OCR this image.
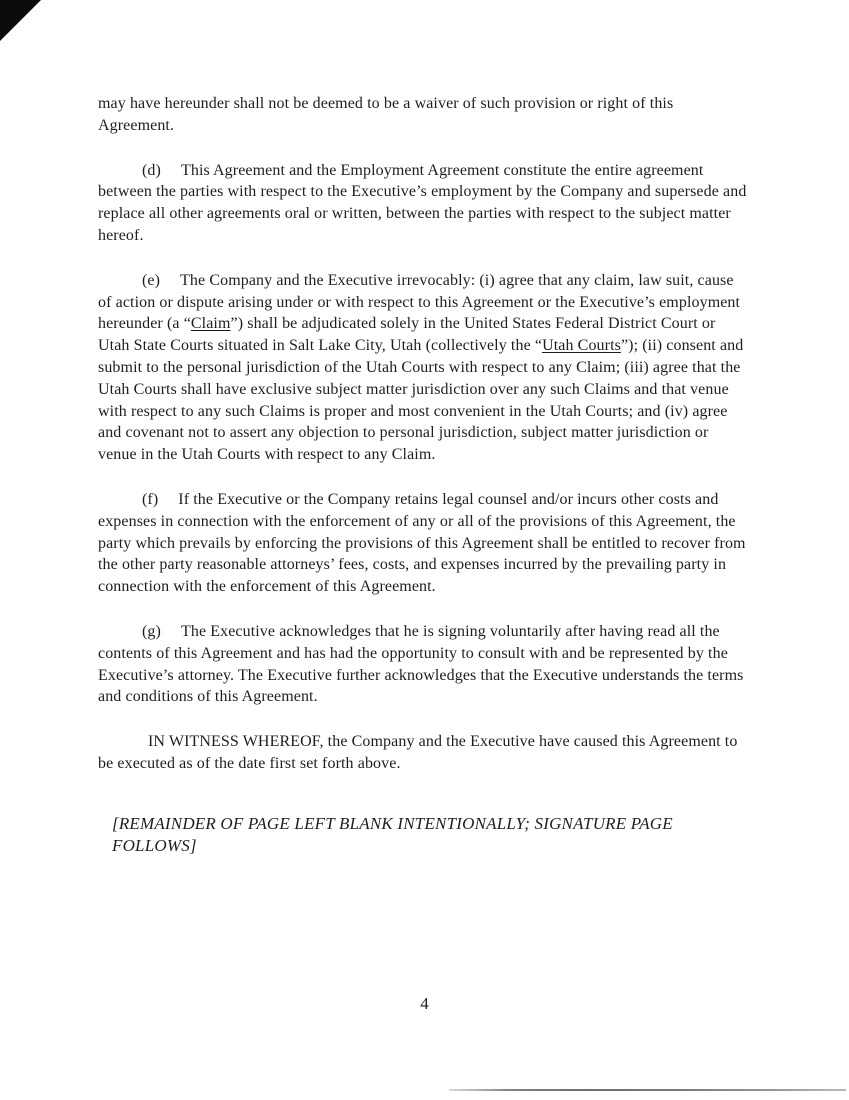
may have hereunder shall not be deemed to be a waiver of such provision or right of this Agreement.

(d) This Agreement and the Employment Agreement constitute the entire agreement between the parties with respect to the Executive’s employment by the Company and supersede and replace all other agreements oral or written, between the parties with respect to the subject matter hereof.

(e) The Company and the Executive irrevocably: (i) agree that any claim, law suit, cause of action or dispute arising under or with respect to this Agreement or the Executive’s employment hereunder (a “Claim”) shall be adjudicated solely in the United States Federal District Court or Utah State Courts situated in Salt Lake City, Utah (collectively the “Utah Courts”); (ii) consent and submit to the personal jurisdiction of the Utah Courts with respect to any Claim; (iii) agree that the Utah Courts shall have exclusive subject matter jurisdiction over any such Claims and that venue with respect to any such Claims is proper and most convenient in the Utah Courts; and (iv) agree and covenant not to assert any objection to personal jurisdiction, subject matter jurisdiction or venue in the Utah Courts with respect to any Claim.

(f) If the Executive or the Company retains legal counsel and/or incurs other costs and expenses in connection with the enforcement of any or all of the provisions of this Agreement, the party which prevails by enforcing the provisions of this Agreement shall be entitled to recover from the other party reasonable attorneys’ fees, costs, and expenses incurred by the prevailing party in connection with the enforcement of this Agreement.

(g) The Executive acknowledges that he is signing voluntarily after having read all the contents of this Agreement and has had the opportunity to consult with and be represented by the Executive’s attorney. The Executive further acknowledges that the Executive understands the terms and conditions of this Agreement.

IN WITNESS WHEREOF, the Company and the Executive have caused this Agreement to be executed as of the date first set forth above.

[REMAINDER OF PAGE LEFT BLANK INTENTIONALLY; SIGNATURE PAGE FOLLOWS]
4
